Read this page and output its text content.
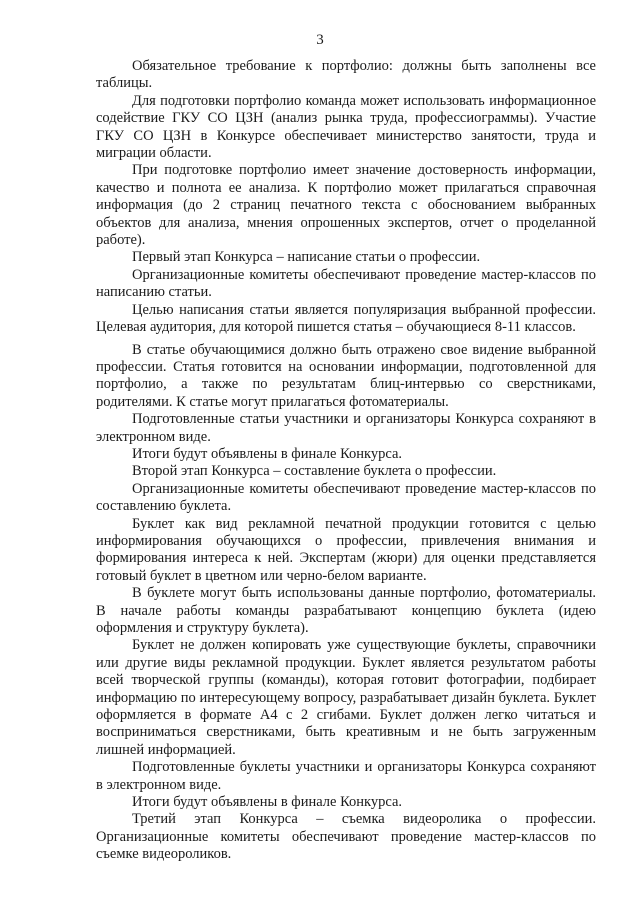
3

Обязательное требование к портфолио: должны быть заполнены все таблицы.

Для подготовки портфолио команда может использовать информационное содействие ГКУ СО ЦЗН (анализ рынка труда, профессиограммы). Участие ГКУ СО ЦЗН в Конкурсе обеспечивает министерство занятости, труда и миграции области.

При подготовке портфолио имеет значение достоверность информации, качество и полнота ее анализа. К портфолио может прилагаться справочная информация (до 2 страниц печатного текста с обоснованием выбранных объектов для анализа, мнения опрошенных экспертов, отчет о проделанной работе).

Первый этап Конкурса – написание статьи о профессии.

Организационные комитеты обеспечивают проведение мастер-классов по написанию статьи.

Целью написания статьи является популяризация выбранной профессии. Целевая аудитория, для которой пишется статья – обучающиеся 8-11 классов.

В статье обучающимися должно быть отражено свое видение выбранной профессии. Статья готовится на основании информации, подготовленной для портфолио, а также по результатам блиц-интервью со сверстниками, родителями. К статье могут прилагаться фотоматериалы.

Подготовленные статьи участники и организаторы Конкурса сохраняют в электронном виде.

Итоги будут объявлены в финале Конкурса.

Второй этап Конкурса – составление буклета о профессии.

Организационные комитеты обеспечивают проведение мастер-классов по составлению буклета.

Буклет как вид рекламной печатной продукции готовится с целью информирования обучающихся о профессии, привлечения внимания и формирования интереса к ней. Экспертам (жюри) для оценки представляется готовый буклет в цветном или черно-белом варианте.

В буклете могут быть использованы данные портфолио, фотоматериалы. В начале работы команды разрабатывают концепцию буклета (идею оформления и структуру буклета).

Буклет не должен копировать уже существующие буклеты, справочники или другие виды рекламной продукции. Буклет является результатом работы всей творческой группы (команды), которая готовит фотографии, подбирает информацию по интересующему вопросу, разрабатывает дизайн буклета. Буклет оформляется в формате А4 с 2 сгибами. Буклет должен легко читаться и восприниматься сверстниками, быть креативным и не быть загруженным лишней информацией.

Подготовленные буклеты участники и организаторы Конкурса сохраняют в электронном виде.

Итоги будут объявлены в финале Конкурса.

Третий этап Конкурса – съемка видеоролика о профессии. Организационные комитеты обеспечивают проведение мастер-классов по съемке видеороликов.
